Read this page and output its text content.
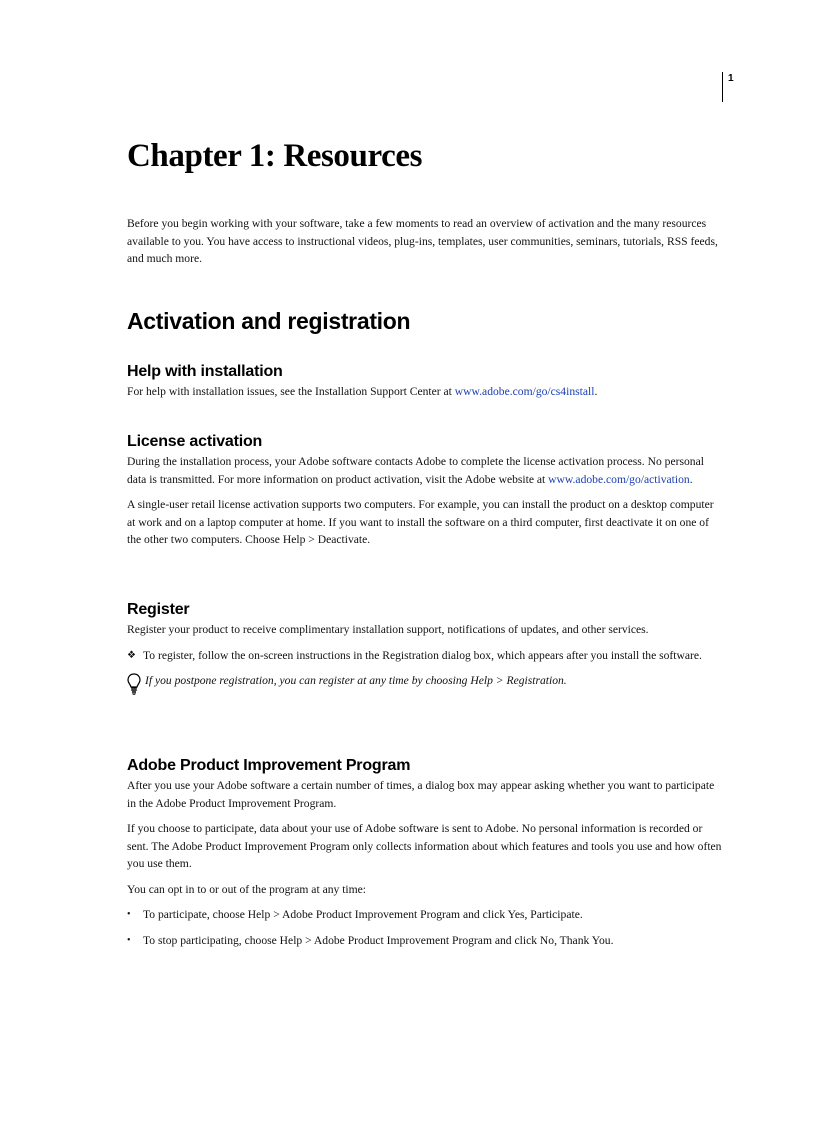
1
Chapter 1: Resources

Before you begin working with your software, take a few moments to read an overview of activation and the many resources available to you. You have access to instructional videos, plug-ins, templates, user communities, seminars, tutorials, RSS feeds, and much more.

Activation and registration
Help with installation

For help with installation issues, see the Installation Support Center at www.adobe.com/go/cs4install.

License activation

During the installation process, your Adobe software contacts Adobe to complete the license activation process. No personal data is transmitted. For more information on product activation, visit the Adobe website at www.adobe.com/go/activation.

A single-user retail license activation supports two computers. For example, you can install the product on a desktop computer at work and on a laptop computer at home. If you want to install the software on a third computer, first deactivate it on one of the other two computers. Choose Help > Deactivate.

Register

Register your product to receive complimentary installation support, notifications of updates, and other services.

❖ To register, follow the on-screen instructions in the Registration dialog box, which appears after you install the software.

If you postpone registration, you can register at any time by choosing Help > Registration.

Adobe Product Improvement Program

After you use your Adobe software a certain number of times, a dialog box may appear asking whether you want to participate in the Adobe Product Improvement Program.

If you choose to participate, data about your use of Adobe software is sent to Adobe. No personal information is recorded or sent. The Adobe Product Improvement Program only collects information about which features and tools you use and how often you use them.

You can opt in to or out of the program at any time:

•	To participate, choose Help > Adobe Product Improvement Program and click Yes, Participate.

•	To stop participating, choose Help > Adobe Product Improvement Program and click No, Thank You.
